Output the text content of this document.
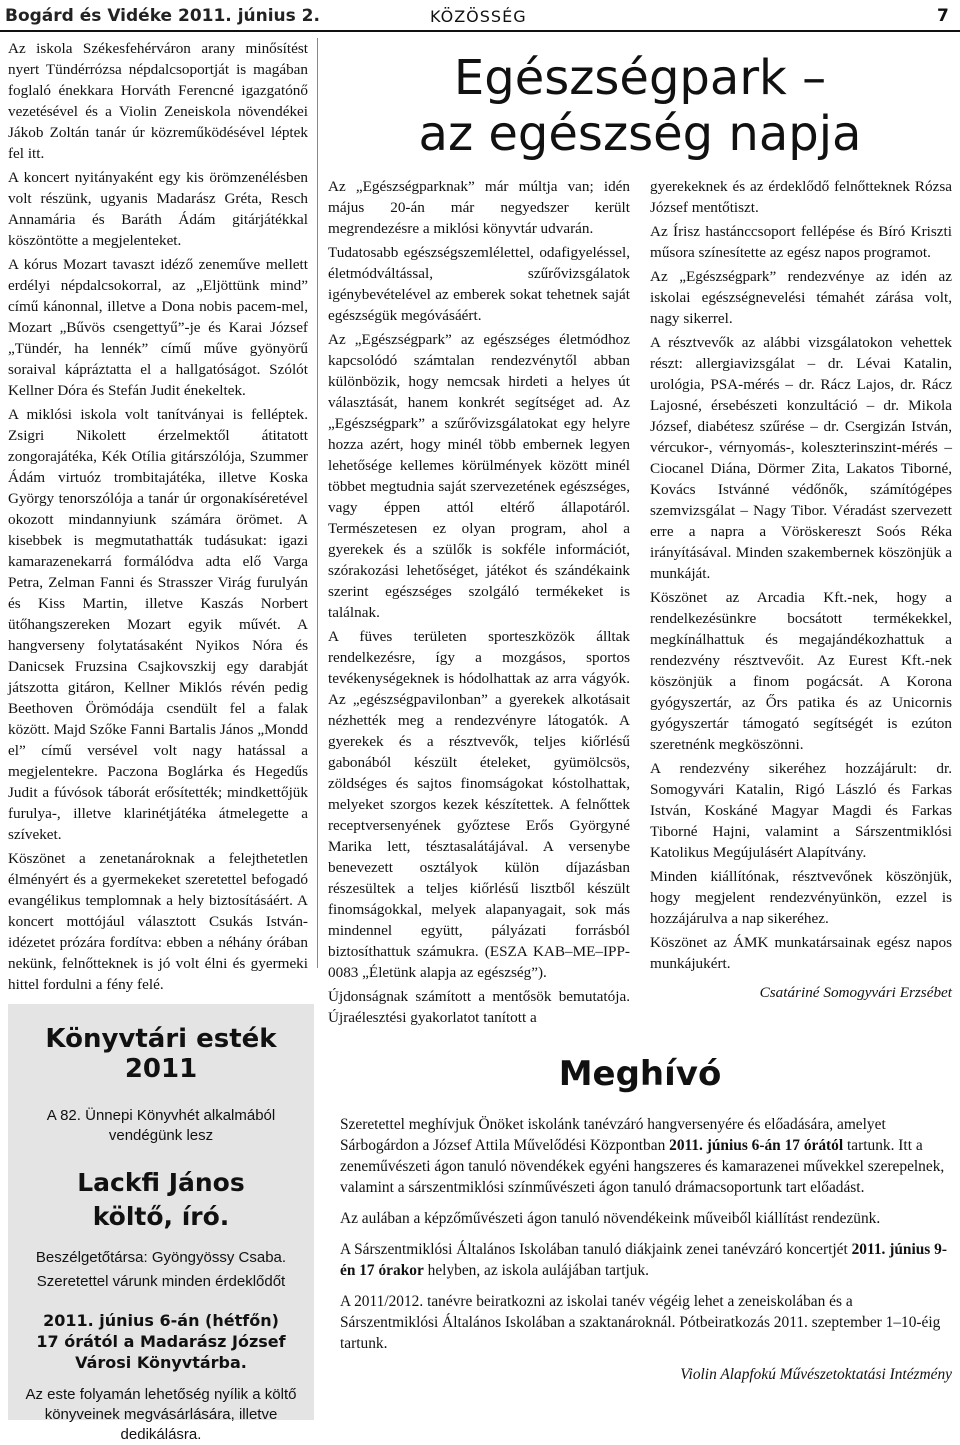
Bogárd és Vidéke 2011. június 2.	KÖZÖSSÉG	7

Az iskola Székesfehérváron arany minősítést nyert Tündérrózsa népdalcsoportját is magában foglaló énekkara Horváth Ferencné igazgatónő vezetésével és a Violin Zeneiskola növendékei Jákob Zoltán tanár úr közreműködésével léptek fel itt.

A koncert nyitányaként egy kis örömzenélésben volt részünk, ugyanis Madarász Gréta, Resch Annamária és Baráth Ádám gitárjátékkal köszöntötte a megjelenteket.

A kórus Mozart tavaszt idéző zeneműve mellett erdélyi népdalcsokorral, az „Eljöttünk mind” című kánonnal, illetve a Dona nobis pacem-mel, Mozart „Bűvös csengettyű”-je és Karai József „Tündér, ha lennék” című műve gyönyörű soraival kápráztatta el a hallgatóságot. Szólót Kellner Dóra és Stefán Judit énekeltek.

A miklósi iskola volt tanítványai is felléptek. Zsigri Nikolett érzelmektől átitatott zongorajátéka, Kék Otília gitárszólója, Szummer Ádám virtuóz trombitajátéka, illetve Koska György tenorszólója a tanár úr orgonakíséretével okozott mindannyiunk számára örömet. A kisebbek is megmutathatták tudásukat: igazi kamarazenekarrá formálódva adta elő Varga Petra, Zelman Fanni és Strasszer Virág furulyán és Kiss Martin, illetve Kaszás Norbert ütőhangszereken Mozart egyik művét. A hangverseny folytatásaként Nyikos Nóra és Danicsek Fruzsina Csajkovszkij egy darabját játszotta gitáron, Kellner Miklós révén pedig Beethoven Örömódája csendült fel a falak között. Majd Szőke Fanni Bartalis János „Mondd el” című versével volt nagy hatással a megjelentekre. Paczona Boglárka és Hegedűs Judit a fúvósok táborát erősítették; mindkettőjük furulya-, illetve klarinétjátéka átmelegette a szíveket.

Köszönet a zenetanároknak a felejthetetlen élményért és a gyermekeket szeretettel befogadó evangélikus templomnak a hely biztosításáért. A koncert mottójául választott Csukás István-idézetet prózára fordítva: ebben a néhány órában nekünk, felnőtteknek is jó volt élni és gyermeki hittel fordulni a fény felé.

Egészségpark –
az egészség napja

Az „Egészségparknak” már múltja van; idén május 20-án már negyedszer került megrendezésre a miklósi könyvtár udvarán.

Tudatosabb egészségszemlélettel, odafigyeléssel, életmódváltással, szűrővizsgálatok igénybevételével az emberek sokat tehetnek saját egészségük megóvásáért.

Az „Egészségpark” az egészséges életmódhoz kapcsolódó számtalan rendezvénytől abban különbözik, hogy nemcsak hirdeti a helyes út választását, hanem konkrét segítséget ad. Az „Egészségpark” a szűrővizsgálatokat egy helyre hozza azért, hogy minél több embernek legyen lehetősége kellemes körülmények között minél többet megtudnia saját szervezetének egészséges, vagy éppen attól eltérő állapotáról. Természetesen ez olyan program, ahol a gyerekek és a szülők is sokféle információt, szórakozási lehetőséget, játékot és szándékaink szerint egészséges szolgáló termékeket is találnak.

A füves területen sporteszközök álltak rendelkezésre, így a mozgásos, sportos tevékenységeknek is hódolhattak az arra vágyók. Az „egészségpavilonban” a gyerekek alkotásait nézhették meg a rendezvényre látogatók. A gyerekek és a résztvevők, teljes kiőrlésű gabonából készült ételeket, gyümölcsös, zöldséges és sajtos finomságokat kóstolhattak, melyeket szorgos kezek készítettek. A felnőttek receptversenyének győztese Erős Györgyné Marika lett, tésztasalátájával. A versenybe benevezett osztályok külön díjazásban részesültek a teljes kiőrlésű lisztből készült finomságokkal, melyek alapanyagait, sok más mindennel együtt, pályázati forrásból biztosíthattuk számukra. (ESZA KAB–ME–IPP-0083 „Életünk alapja az egészség”).

Újdonságnak számított a mentősök bemutatója. Újraélesztési gyakorlatot tanított a

gyerekeknek és az érdeklődő felnőtteknek Rózsa József mentőtiszt.

Az Írisz hastánccsoport fellépése és Bíró Kriszti műsora színesítette az egész napos programot.

Az „Egészségpark” rendezvénye az idén az iskolai egészségnevelési témahét zárása volt, nagy sikerrel.

A résztvevők az alábbi vizsgálatokon vehettek részt: allergiavizsgálat – dr. Lévai Katalin, urológia, PSA-mérés – dr. Rácz Lajos, dr. Rácz Lajosné, érsebészeti konzultáció – dr. Mikola József, diabétesz szűrése – dr. Csergizán István, vércukor-, vérnyomás-, koleszterinszint-mérés – Ciocanel Diána, Dörmer Zita, Lakatos Tiborné, Kovács Istvánné védőnők, számítógépes szemvizsgálat – Nagy Tibor. Véradást szervezett erre a napra a Vöröskereszt Soós Réka irányításával. Minden szakembernek köszönjük a munkáját.

Köszönet az Arcadia Kft.-nek, hogy a rendelkezésünkre bocsátott termékekkel, megkínálhattuk és megajándékozhattuk a rendezvény résztvevőit. Az Eurest Kft.-nek köszönjük a finom pogácsát. A Korona gyógyszertár, az Őrs patika és az Unicornis gyógyszertár támogató segítségét is ezúton szeretnénk megköszönni.

A rendezvény sikeréhez hozzájárult: dr. Somogyvári Katalin, Rigó László és Farkas István, Koskáné Magyar Magdi és Farkas Tiborné Hajni, valamint a Sárszentmiklósi Katolikus Megújulásért Alapítvány.

Minden kiállítónak, résztvevőnek köszönjük, hogy megjelent rendezvényünkön, ezzel is hozzájárulva a nap sikeréhez.

Köszönet az ÁMK munkatársainak egész napos munkájukért.

Csatáriné Somogyvári Erzsébet

Könyvtári esték 2011
A 82. Ünnepi Könyvhét alkalmából
vendégünk lesz
Lackfi János
költő, író.
Beszélgetőtársa: Gyöngyössy Csaba.
Szeretettel várunk minden érdeklődőt
2011. június 6-án (hétfőn)
17 órától a Madarász József
Városi Könyvtárba.
Az este folyamán lehetőség nyílik a költő könyveinek megvásárlására, illetve dedikálásra.
Meghívó

Szeretettel meghívjuk Önöket iskolánk tanévzáró hangversenyére és előadására, amelyet Sárbogárdon a József Attila Művelődési Központban 2011. június 6-án 17 órától tartunk. Itt a zeneművészeti ágon tanuló növendékek egyéni hangszeres és kamarazenei művekkel szerepelnek, valamint a sárszentmiklósi színművészeti ágon tanuló drámacsoportunk tart előadást.

Az aulában a képzőművészeti ágon tanuló növendékeink műveiből kiállítást rendezünk.

A Sárszentmiklósi Általános Iskolában tanuló diákjaink zenei tanévzáró koncertjét 2011. június 9-én 17 órakor helyben, az iskola aulájában tartjuk.

A 2011/2012. tanévre beiratkozni az iskolai tanév végéig lehet a zeneiskolában és a Sárszentmiklósi Általános Iskolában a szaktanároknál. Pótbeiratkozás 2011. szeptember 1–10-éig tartunk.

Violin Alapfokú Művészetoktatási Intézmény
